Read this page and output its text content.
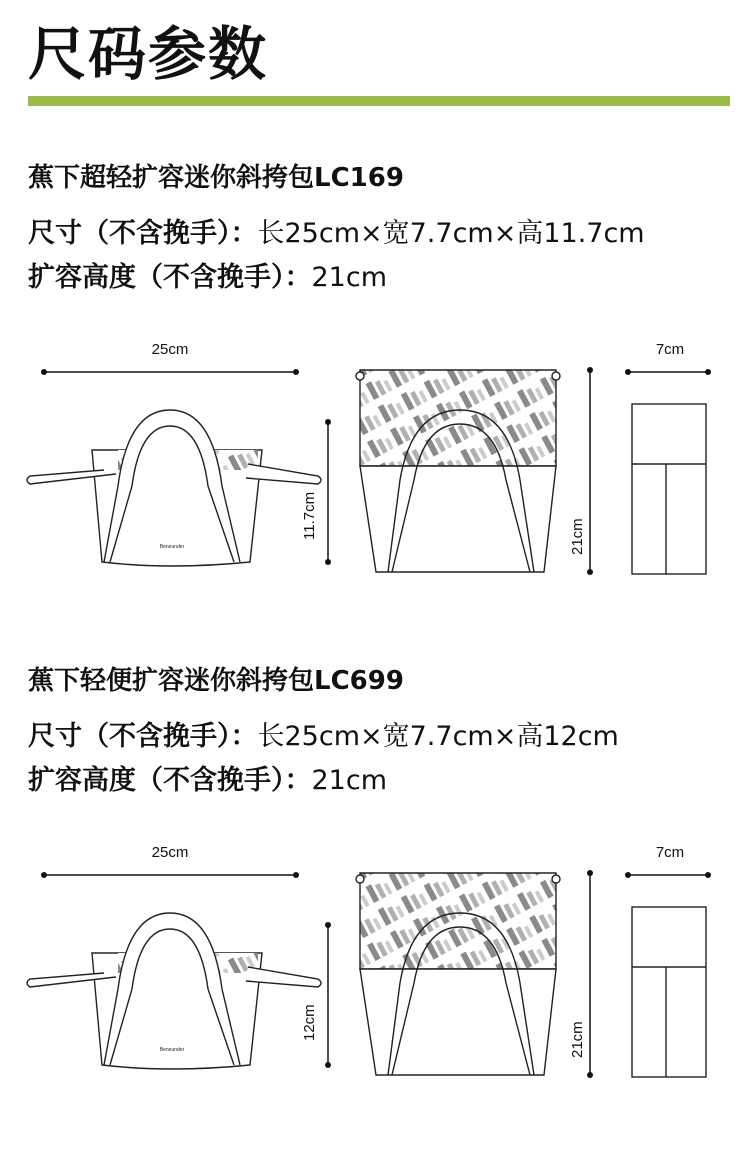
尺码参数
蕉下超轻扩容迷你斜挎包LC169
尺寸（不含挽手）：长25cm×宽7.7cm×高11.7cm
扩容高度（不含挽手）：21cm
25cm
Beneunder
11.7cm	21cm
7cm
蕉下轻便扩容迷你斜挎包LC699
尺寸（不含挽手）：长25cm×宽7.7cm×高12cm
扩容高度（不含挽手）：21cm
25cm
Beneunder
12cm	21cm
7cm
